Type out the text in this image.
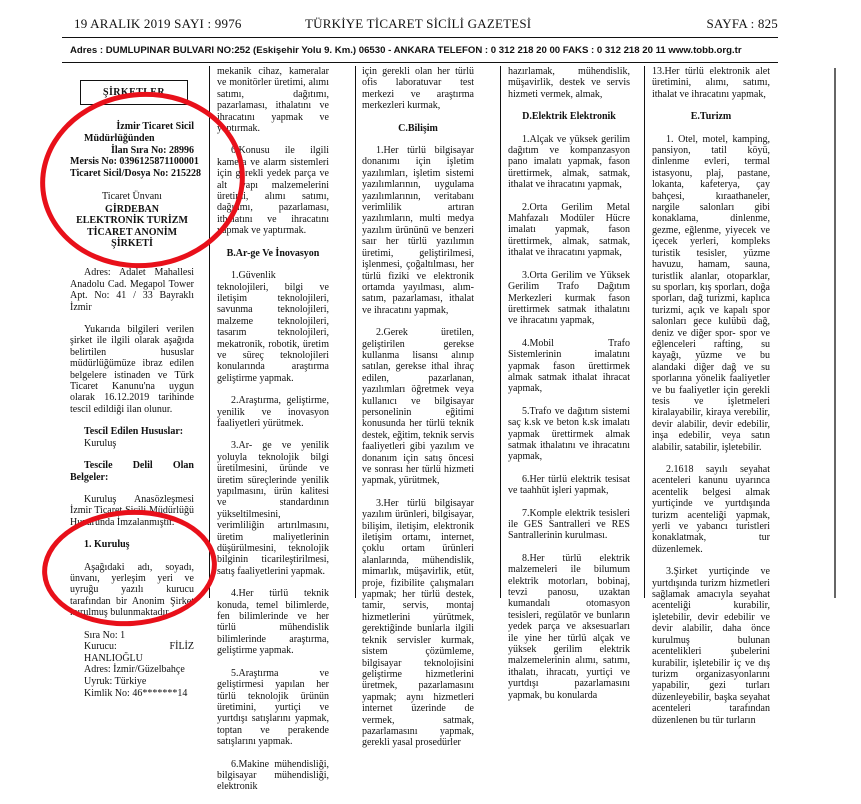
19 ARALIK 2019 SAYI : 9976	TÜRKİYE TİCARET SİCİLİ GAZETESİ	SAYFA : 825
Adres : DUMLUPINAR BULVARI NO:252 (Eskişehir Yolu 9. Km.) 06530 - ANKARA TELEFON : 0 312 218 20 00 FAKS : 0 312 218 20 11 www.tobb.org.tr
ŞİRKETLER
İzmir Ticaret Sicil
Müdürlüğünden
İlan Sıra No: 28996
Mersis No: 0396125871100001
Ticaret Sicil/Dosya No: 215228

Ticaret Ünvanı

GİRDEBAN ELEKTRONİK TURİZM TİCARET ANONİM ŞİRKETİ

Adres: Adalet Mahallesi Anadolu Cad. Megapol Tower Apt. No: 41 / 33 Bayraklı İzmir

Yukarıda bilgileri verilen şirket ile ilgili olarak aşağıda belirtilen hususlar müdürlüğümüze ibraz edilen belgelere istinaden ve Türk Ticaret Kanunu'na uygun olarak 16.12.2019 tarihinde tescil edildiği ilan olunur.

Tescil Edilen Hususlar:

Kuruluş

Tescile Delil Olan Belgeler:

Kuruluş Anasözleşmesi İzmir Ticaret Sicili Müdürlüğü Huzurunda İmzalanmıştır.

1. Kuruluş

Aşağıdaki adı, soyadı, ünvanı, yerleşim yeri ve uyruğu yazılı kurucu tarafından bir Anonim Şirket kurulmuş bulunmaktadır.

Sıra No: 1
Kurucu: FİLİZ HANLIOĞLU
Adres: İzmir/Güzelbahçe
Uyruk: Türkiye
Kimlik No: 46*******14

mekanik cihaz, kameralar ve monitörler üretimi, alımı satımı, dağıtımı, pazarlaması, ithalatını ve ihracatını yapmak ve yaptırmak.

6.Konusu ile ilgili kamera ve alarm sistemleri için gerekli yedek parça ve alt yapı malzemelerini üretimi, alımı satımı, dağıtımı, pazarlaması, ithalatını ve ihracatını yapmak ve yaptırmak.

B.Ar-ge Ve İnovasyon

1.Güvenlik teknolojileri, bilgi ve iletişim teknolojileri, savunma teknolojileri, malzeme teknolojileri, tasarım teknolojileri, mekatronik, robotik, üretim ve süreç teknolojileri konularında araştırma geliştirme yapmak.

2.Araştırma, geliştirme, yenilik ve inovasyon faaliyetleri yürütmek.

3.Ar- ge ve yenilik yoluyla teknolojik bilgi üretilmesini, üründe ve üretim süreçlerinde yenilik yapılmasını, ürün kalitesi ve standardının yükseltilmesini, verimliliğin artırılmasını, üretim maliyetlerinin düşürülmesini, teknolojik bilginin ticarileştirilmesi, satış faaliyetlerini yapmak.

4.Her türlü teknik konuda, temel bilimlerde, fen bilimlerinde ve her türlü mühendislik bilimlerinde araştırma, geliştirme yapmak.

5.Araştırma ve geliştirmesi yapılan her türlü teknolojik ürünün üretimini, yurtiçi ve yurtdışı satışlarını yapmak, toptan ve perakende satışlarını yapmak.

6.Makine mühendisliği, bilgisayar mühendisliği, elektronik

için gerekli olan her türlü ofis laboratuvar test merkezi ve araştırma merkezleri kurmak,

C.Bilişim

1.Her türlü bilgisayar donanımı için işletim yazılımları, işletim sistemi yazılımlarının, uygulama yazılımlarının, veritabanı verimlilik artıran yazılımların, multi medya yazılım ürününü ve benzeri saır her türlü yazılımın üretimi, geliştirilmesi, işlenmesi, çoğaltılması, her türlü fiziki ve elektronik ortamda yayılması, alım- satım, pazarlaması, ithalat ve ihracatını yapmak,

2.Gerek üretilen, geliştirilen gerekse kullanma lisansı alınıp satılan, gerekse ithal ihraç edilen, pazarlanan, yazılımları öğretmek veya kullanıcı ve bilgisayar personelinin eğitimi konusunda her türlü teknik destek, eğitim, teknik servis faaliyetleri gibi yazılım ve donanım için satış öncesi ve sonrası her türlü hizmeti yapmak, yürütmek,

3.Her türlü bilgisayar yazılım ürünleri, bilgisayar, bilişim, iletişim, elektronik iletişim ortamı, internet, çoklu ortam ürünleri alanlarında, mühendislik, mimarlık, müşavirlik, etüt, proje, fizibilite çalışmaları yapmak; her türlü destek, tamir, servis, montaj hizmetlerini yürütmek, gerektiğinde bunlarla ilgili teknik servisler kurmak, sistem çözümleme, bilgisayar teknolojisini geliştirme hizmetlerini üretmek, pazarlamasını yapmak; aynı hizmetleri internet üzerinde de vermek, satmak, pazarlamasını yapmak, gerekli yasal prosedürler

hazırlamak, mühendislik, müşavirlik, destek ve servis hizmeti vermek, almak,

D.Elektrik Elektronik

1.Alçak ve yüksek gerilim dağıtım ve kompanzasyon pano imalatı yapmak, fason ürettirmek, almak, satmak, ithalat ve ihracatını yapmak,

2.Orta Gerilim Metal Mahfazalı Modüler Hücre imalatı yapmak, fason ürettirmek, almak, satmak, ithalat ve ihracatını yapmak,

3.Orta Gerilim ve Yüksek Gerilim Trafo Dağıtım Merkezleri kurmak fason ürettirmek satmak ithalatını ve ihracatını yapmak,

4.Mobil Trafo Sistemlerinin imalatını yapmak fason ürettirmek almak satmak ithalat ihracat yapmak,

5.Trafo ve dağıtım sistemi saç k.sk ve beton k.sk imalatı yapmak ürettirmek almak satmak ithalatını ve ihracatını yapmak,

6.Her türlü elektrik tesisat ve taahhüt işleri yapmak,

7.Komple elektrik tesisleri ile GES Santralleri ve RES Santrallerinin kurulması.

8.Her türlü elektrik malzemeleri ile bilumum elektrik motorları, bobinaj, tevzi panosu, uzaktan kumandalı otomasyon tesisleri, regülatör ve bunların yedek parça ve aksesuarları ile yine her türlü alçak ve yüksek gerilim elektrik malzemelerinin alımı, satımı, ithalatı, ihracatı, yurtiçi ve yurtdışı pazarlamasını yapmak, bu konularda

13.Her türlü elektronik alet üretimini, alımı, satımı, ithalat ve ihracatını yapmak,

E.Turizm

1. Otel, motel, kamping, pansiyon, tatil köyü, dinlenme evleri, termal istasyonu, plaj, pastane, lokanta, kafeterya, çay bahçesi, kıraathaneler, nargile salonları gibi konaklama, dinlenme, gezme, eğlenme, yiyecek ve içecek yerleri, kompleks turistik tesisler, yüzme havuzu, hamam, sauna, turistlik alanlar, otoparklar, su sporları, kış sporları, doğa sporları, dağ turizmi, kaplıca turizmi, açık ve kapalı spor salonları gece kulübü dağ, deniz ve diğer spor- spor ve eğlenceleri rafting, su kayağı, yüzme ve bu alandaki diğer dağ ve su sporlarına yönelik faaliyetler ve bu faaliyetler için gerekli tesis ve işletmeleri kiralayabilir, kiraya verebilir, devir alabilir, devir edebilir, inşa edebilir, veya satın alabilir, satabilir, işletebilir.

2.1618 sayılı seyahat acenteleri kanunu uyarınca acentelik belgesi almak yurtiçinde ve yurtdışında turizm acenteliği yapmak, yerli ve yabancı turistleri konaklatmak, tur düzenlemek.

3.Şirket yurtiçinde ve yurtdışında turizm hizmetleri sağlamak amacıyla seyahat acenteliği kurabilir, işletebilir, devir edebilir ve devir alabilir, daha önce kurulmuş bulunan acentelikleri şubelerini kurabilir, işletebilir iç ve dış turizm organizasyonlarını yapabilir, gezi turları düzenleyebilir, başka seyahat acenteleri tarafından düzenlenen bu tür turların
